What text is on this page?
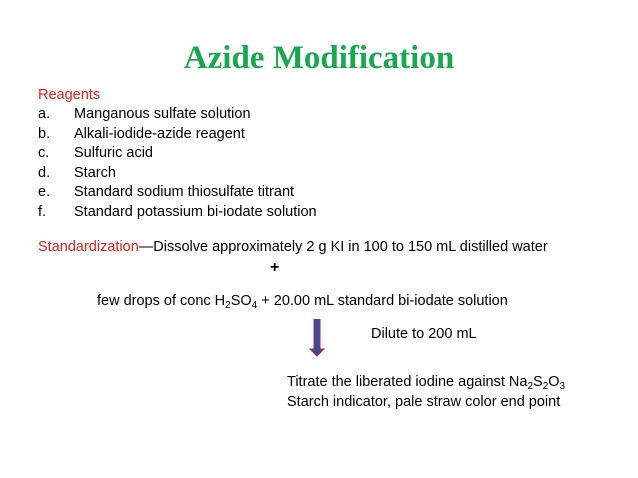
Azide Modification
Reagents
a. Manganous sulfate solution
b. Alkali-iodide-azide reagent
c. Sulfuric acid
d. Starch
e. Standard sodium thiosulfate titrant
f. Standard potassium bi-iodate solution
Standardization—Dissolve approximately 2 g KI in 100 to 150 mL distilled water
+
few drops of conc $H_2SO_4 + 20.00$ mL standard bi-iodate solution
Dilute to 200 mL
Titrate the liberated iodine against $Na_2S_2O_3$
Starch indicator, pale straw color end point
